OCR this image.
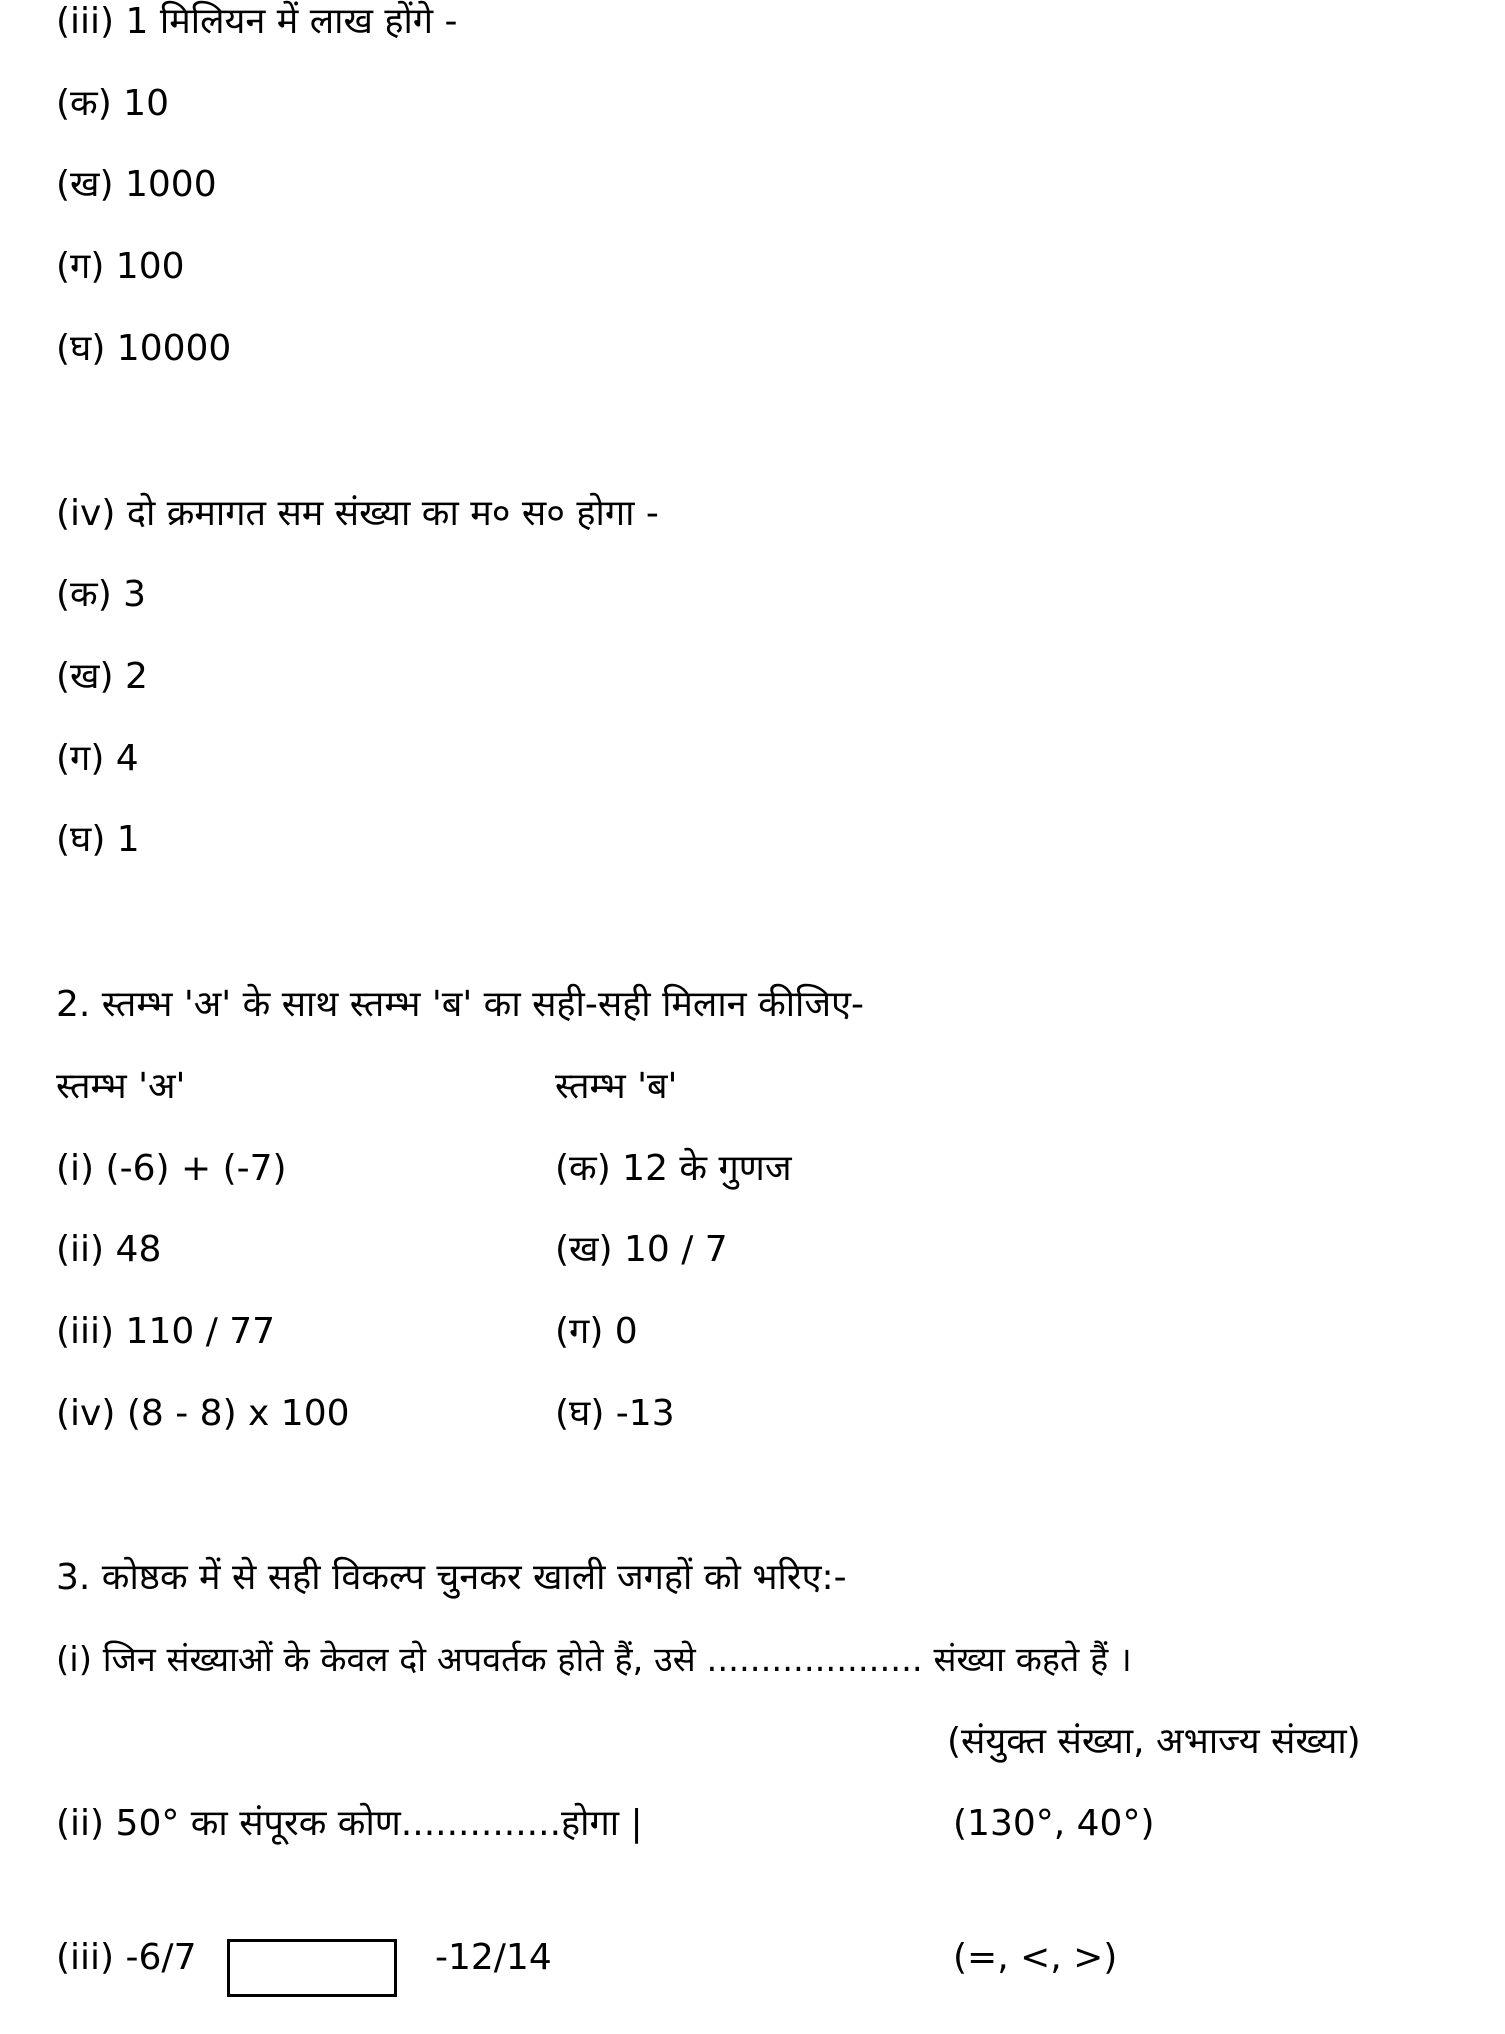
(iii) 1 मिलियन में लाख होंगे -
(क) 10
(ख) 1000
(ग) 100
(घ) 10000
(iv) दो क्रमागत सम संख्या का म० स० होगा -
(क) 3
(ख) 2
(ग) 4
(घ) 1
2. स्तम्भ 'अ' के साथ स्तम्भ 'ब' का सही-सही मिलान कीजिए-
स्तम्भ 'अ'	स्तम्भ 'ब'
(i) (-6) + (-7)	(क) 12 के गुणज
(ii) 48	(ख) 10 / 7
(iii) 110 / 77	(ग) 0
(iv) (8 - 8) x 100	(घ) -13
3. कोष्ठक में से सही विकल्प चुनकर खाली जगहों को भरिए:-
(i) जिन संख्याओं के केवल दो अपवर्तक होते हैं, उसे .................... संख्या कहते हैं ।
(संयुक्त संख्या, अभाज्य संख्या)
(ii) 50° का संपूरक कोण..............होगा |	(130°, 40°)
(iii) -6/7	-12/14	(=, <, >)
